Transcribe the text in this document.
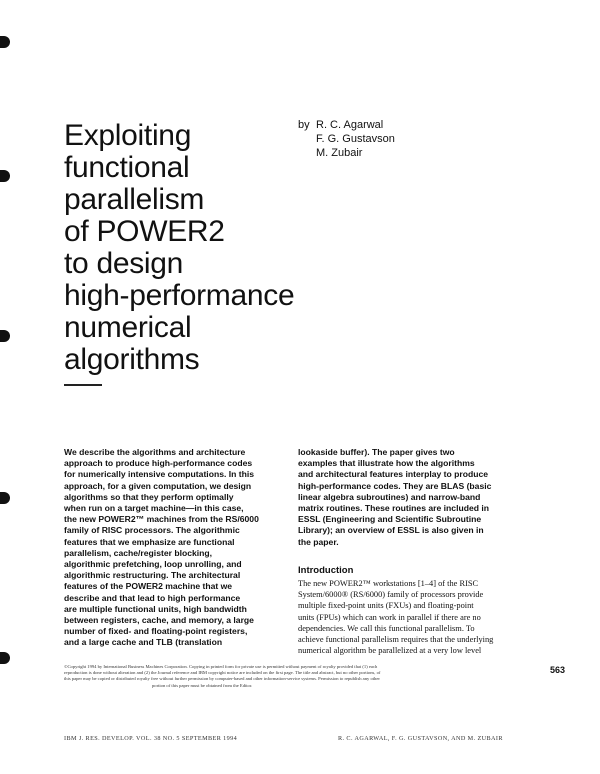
Exploiting
functional
parallelism
of POWER2
to design
high-performance
numerical
algorithms
by R. C. Agarwal
F. G. Gustavson
M. Zubair
We describe the algorithms and architecture
approach to produce high-performance codes
for numerically intensive computations. In this
approach, for a given computation, we design
algorithms so that they perform optimally
when run on a target machine—in this case,
the new POWER2™ machines from the RS/6000
family of RISC processors. The algorithmic
features that we emphasize are functional
parallelism, cache/register blocking,
algorithmic prefetching, loop unrolling, and
algorithmic restructuring. The architectural
features of the POWER2 machine that we
describe and that lead to high performance
are multiple functional units, high bandwidth
between registers, cache, and memory, a large
number of fixed- and floating-point registers,
and a large cache and TLB (translation
lookaside buffer). The paper gives two
examples that illustrate how the algorithms
and architectural features interplay to produce
high-performance codes. They are BLAS (basic
linear algebra subroutines) and narrow-band
matrix routines. These routines are included in
ESSL (Engineering and Scientific Subroutine
Library); an overview of ESSL is also given in
the paper.
Introduction
The new POWER2™ workstations [1–4] of the RISC
System/6000® (RS/6000) family of processors provide
multiple fixed-point units (FXUs) and floating-point
units (FPUs) which can work in parallel if there are no
dependencies. We call this functional parallelism. To
achieve functional parallelism requires that the underlying
numerical algorithm be parallelized at a very low level
©Copyright 1994 by International Business Machines Corporation. Copying in printed form for private use is permitted without payment of royalty provided that (1) each
reproduction is done without alteration and (2) the Journal reference and IBM copyright notice are included on the first page. The title and abstract, but no other portions, of
this paper may be copied or distributed royalty free without further permission by computer-based and other information-service systems. Permission to republish any other
portion of this paper must be obtained from the Editor.
563
IBM J. RES. DEVELOP. VOL. 38 NO. 5 SEPTEMBER 1994	R. C. AGARWAL, F. G. GUSTAVSON, AND M. ZUBAIR
